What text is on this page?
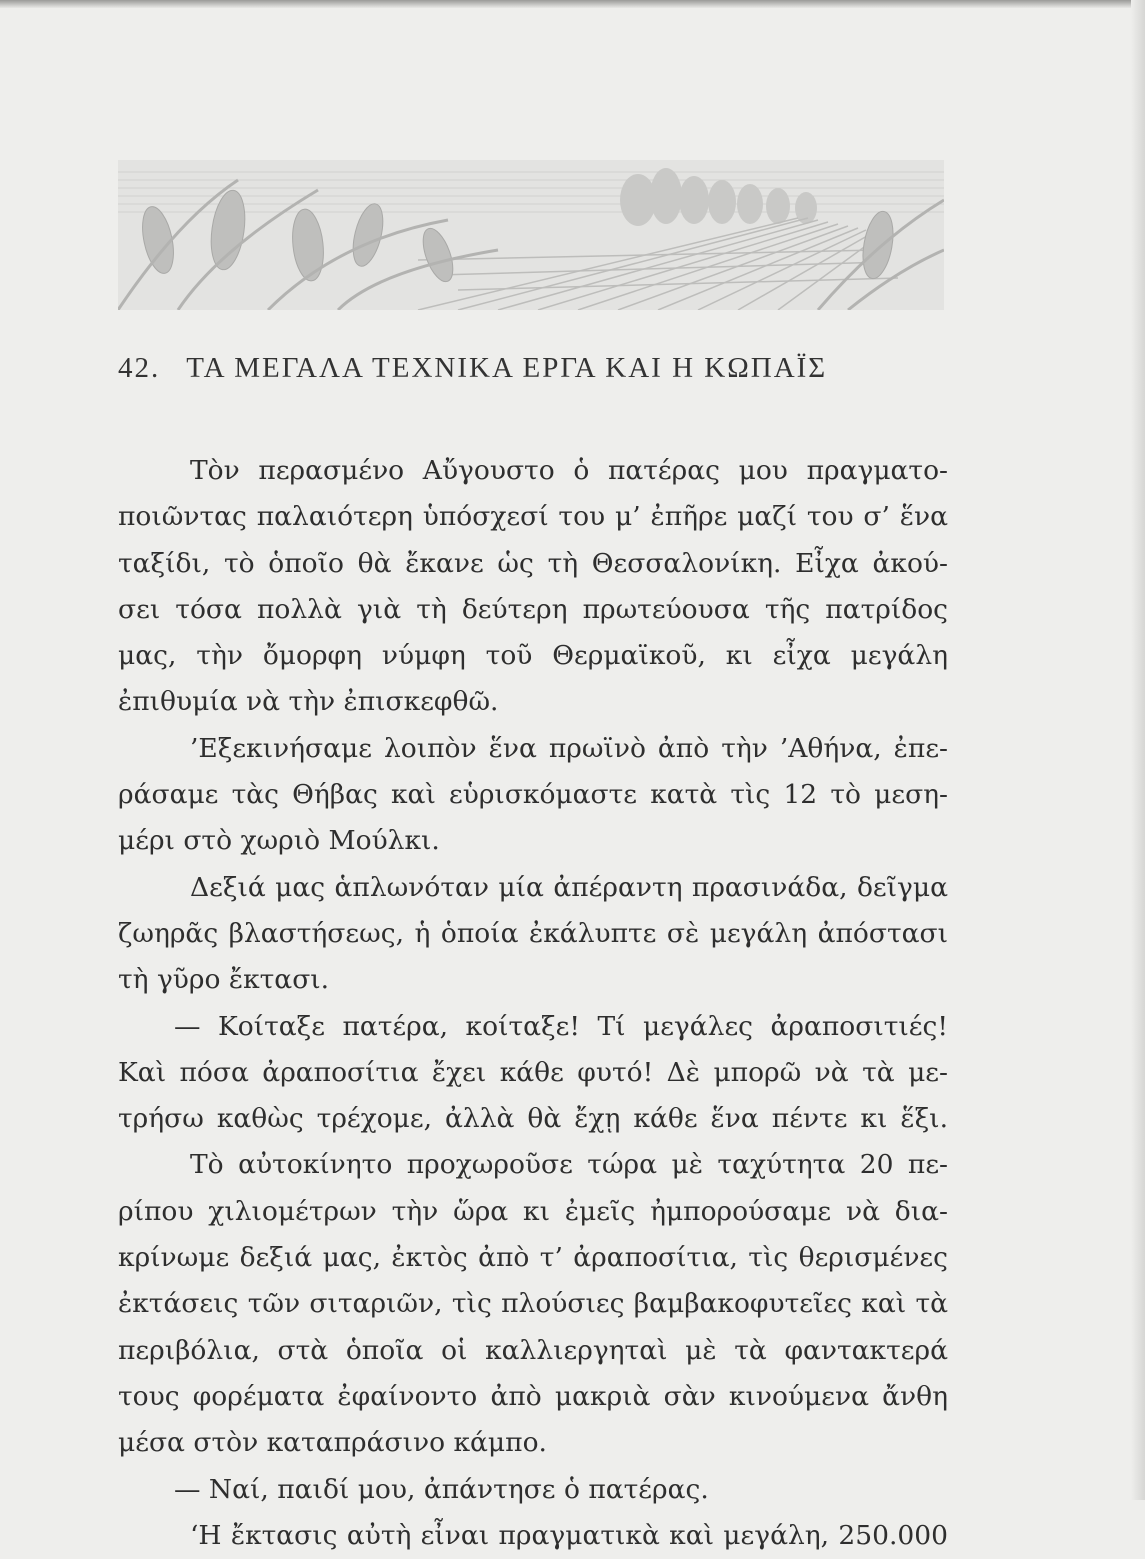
42. ΤΑ ΜΕΓΑΛΑ ΤΕΧΝΙΚΑ ΕΡΓΑ ΚΑΙ Η ΚΩΠΑΪΣ
Τὸν περασμένο Αὔγουστο ὁ πατέρας μου πραγματο-
ποιῶντας παλαιότερη ὑπόσχεσί του μ’ ἐπῆρε μαζί του σ’ ἕνα
ταξίδι, τὸ ὁποῖο θὰ ἔκανε ὡς τὴ Θεσσαλονίκη. Εἶχα ἀκού-
σει τόσα πολλὰ γιὰ τὴ δεύτερη πρωτεύουσα τῆς πατρίδος
μας, τὴν ὄμορφη νύμφη τοῦ Θερμαϊκοῦ, κι εἶχα μεγάλη
ἐπιθυμία νὰ τὴν ἐπισκεφθῶ.
’Εξεκινήσαμε λοιπὸν ἕνα πρωϊνὸ ἀπὸ τὴν ’Αθήνα, ἐπε-
ράσαμε τὰς Θήβας καὶ εὑρισκόμαστε κατὰ τὶς 12 τὸ μεση-
μέρι στὸ χωριὸ Μούλκι.
Δεξιά μας ἁπλωνόταν μία ἀπέραντη πρασινάδα, δεῖγμα
ζωηρᾶς βλαστήσεως, ἡ ὁποία ἐκάλυπτε σὲ μεγάλη ἀπόστασι
τὴ γῦρο ἔκτασι.
— Κοίταξε πατέρα, κοίταξε! Τί μεγάλες ἀραποσιτιές!
Καὶ πόσα ἀραποσίτια ἔχει κάθε φυτό! Δὲ μπορῶ νὰ τὰ με-
τρήσω καθὼς τρέχομε, ἀλλὰ θὰ ἔχῃ κάθε ἕνα πέντε κι ἕξι.
Τὸ αὐτοκίνητο προχωροῦσε τώρα μὲ ταχύτητα 20 πε-
ρίπου χιλιομέτρων τὴν ὥρα κι ἐμεῖς ἠμπορούσαμε νὰ δια-
κρίνωμε δεξιά μας, ἐκτὸς ἀπὸ τ’ ἀραποσίτια, τὶς θερισμένες
ἐκτάσεις τῶν σιταριῶν, τὶς πλούσιες βαμβακοφυτεῖες καὶ τὰ
περιβόλια, στὰ ὁποῖα οἱ καλλιεργηταὶ μὲ τὰ φαντακτερά
τους φορέματα ἐφαίνοντο ἀπὸ μακριὰ σὰν κινούμενα ἄνθη
μέσα στὸν καταπράσινο κάμπο.
— Ναί, παιδί μου, ἀπάντησε ὁ πατέρας.
‘Η ἔκτασις αὐτὴ εἶναι πραγματικὰ καὶ μεγάλη, 250.000
